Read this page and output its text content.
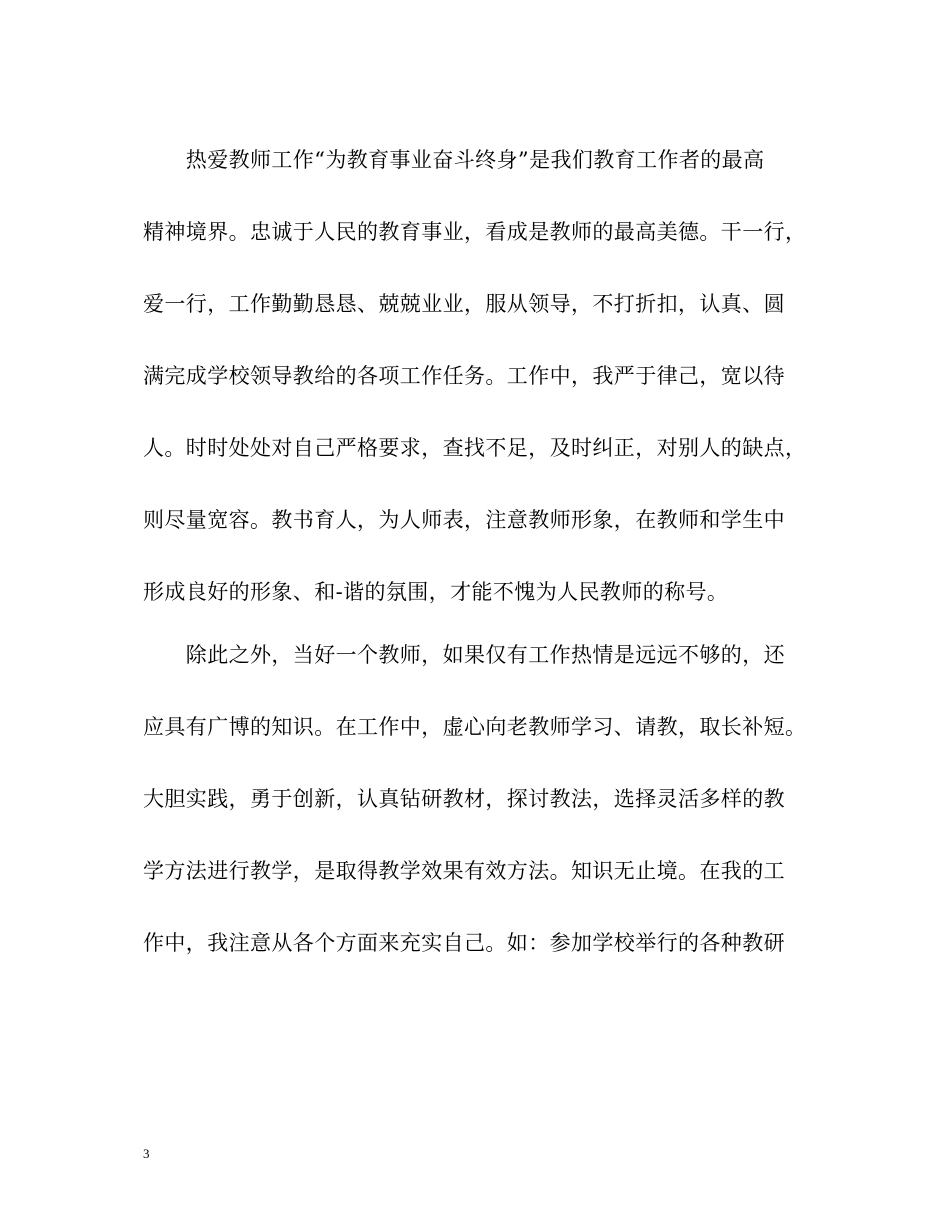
　　热爱教师工作“为教育事业奋斗终身”是我们教育工作者的最高
精神境界。忠诚于人民的教育事业，看成是教师的最高美德。干一行，
爱一行，工作勤勤恳恳、兢兢业业，服从领导，不打折扣，认真、圆
满完成学校领导教给的各项工作任务。工作中，我严于律己，宽以待
人。时时处处对自己严格要求，查找不足，及时纠正，对别人的缺点，
则尽量宽容。教书育人，为人师表，注意教师形象，在教师和学生中
形成良好的形象、和-谐的氛围，才能不愧为人民教师的称号。
　　除此之外，当好一个教师，如果仅有工作热情是远远不够的，还
应具有广博的知识。在工作中，虚心向老教师学习、请教，取长补短。
大胆实践，勇于创新，认真钻研教材，探讨教法，选择灵活多样的教
学方法进行教学，是取得教学效果有效方法。知识无止境。在我的工
作中，我注意从各个方面来充实自己。如：参加学校举行的各种教研
3
